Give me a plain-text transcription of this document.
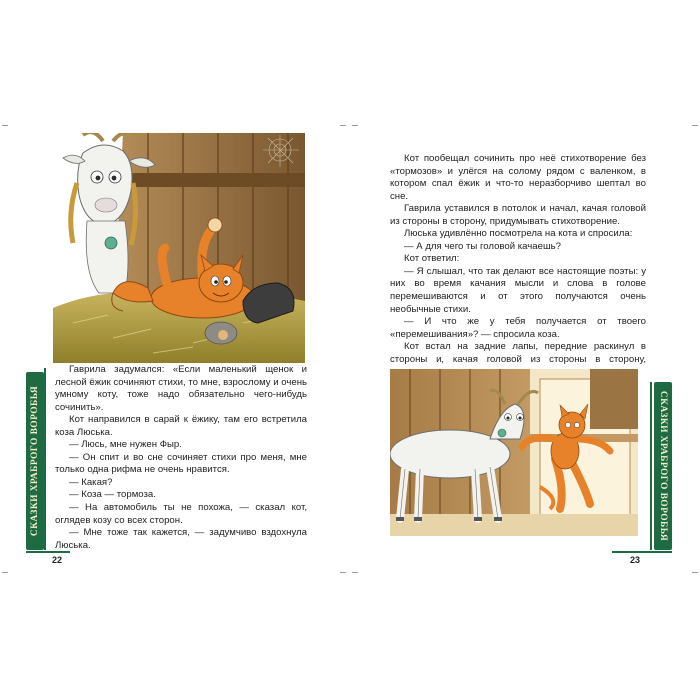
Гаврила задумался: «Если маленький щенок и лесной ёжик сочиняют стихи, то мне, взрослому и очень умному коту, тоже надо обязательно чего-нибудь сочинить».

Кот направился в сарай к ёжику, там его встретила коза Люська.

— Люсь, мне нужен Фыр.

— Он спит и во сне сочиняет стихи про меня, мне только одна рифма не очень нравится.

— Какая?

— Коза — тормоза.

— На автомобиль ты не похожа, — сказал кот, оглядев козу со всех сторон.

— Мне тоже так кажется, — задумчиво вздохнула Люська.

СКАЗКИ ХРАБРОГО ВОРОБЬЯ
22

Кот пообещал сочинить про неё стихотворение без «тормозов» и улёгся на солому рядом с валенком, в котором спал ёжик и что-то неразборчиво шептал во сне.

Гаврила уставился в потолок и начал, качая головой из стороны в сторону, придумывать стихотворение.

Люська удивлённо посмотрела на кота и спросила:

— А для чего ты головой качаешь?

Кот ответил:

— Я слышал, что так делают все настоящие поэты: у них во время качания мысли и слова в голове перемешиваются и от этого получаются очень необычные стихи.

— И что же у тебя получается от твоего «перемешивания»? — спросила коза.

Кот встал на задние лапы, передние раскинул в стороны и, качая головой из стороны в сторону,

СКАЗКИ ХРАБРОГО ВОРОБЬЯ
23
